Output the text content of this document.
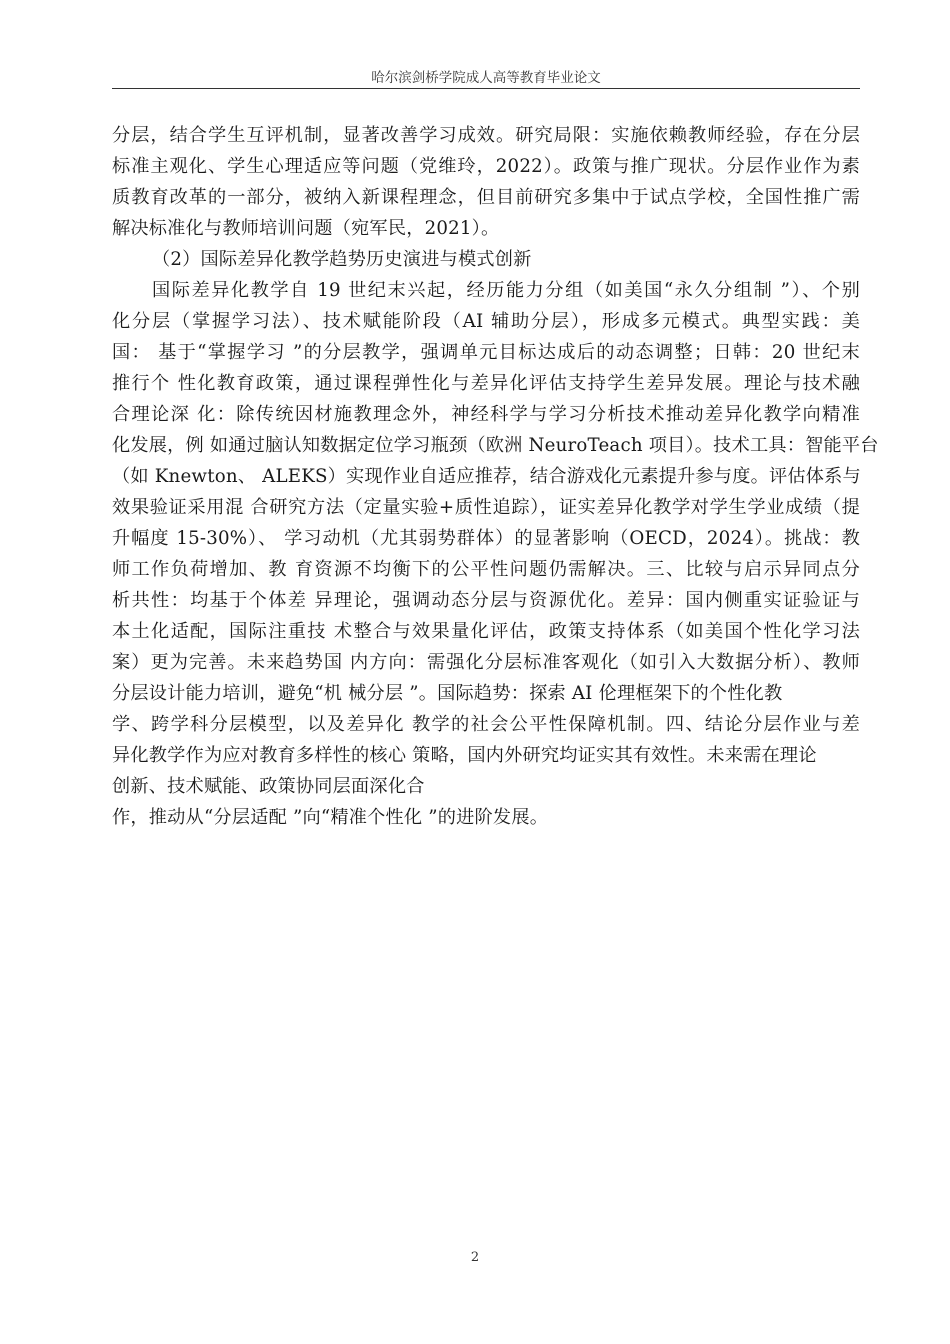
哈尔滨剑桥学院成人高等教育毕业论文
分层，结合学生互评机制，显著改善学习成效。研究局限：实施依赖教师经验，存在分层
标准主观化、学生心理适应等问题（党维玲，2022）。政策与推广现状。分层作业作为素
质教育改革的一部分，被纳入新课程理念，但目前研究多集中于试点学校，全国性推广需
解决标准化与教师培训问题（宛军民，2021）。
（2）国际差异化教学趋势历史演进与模式创新
国际差异化教学自 19 世纪末兴起，经历能力分组（如美国“永久分组制 ”）、个别
化分层（掌握学习法）、技术赋能阶段（AI 辅助分层），形成多元模式。典型实践：美
国： 基于“掌握学习 ”的分层教学，强调单元目标达成后的动态调整；日韩：20 世纪末
推行个 性化教育政策，通过课程弹性化与差异化评估支持学生差异发展。理论与技术融
合理论深 化：除传统因材施教理念外，神经科学与学习分析技术推动差异化教学向精准
化发展，例 如通过脑认知数据定位学习瓶颈（欧洲 NeuroTeach 项目）。技术工具：智能平台
（如 Knewton、 ALEKS）实现作业自适应推荐，结合游戏化元素提升参与度。评估体系与
效果验证采用混 合研究方法（定量实验+质性追踪），证实差异化教学对学生学业成绩（提
升幅度 15-30%）、 学习动机（尤其弱势群体）的显著影响（OECD，2024）。挑战：教
师工作负荷增加、教 育资源不均衡下的公平性问题仍需解决。三、比较与启示异同点分
析共性：均基于个体差 异理论，强调动态分层与资源优化。差异：国内侧重实证验证与
本土化适配，国际注重技 术整合与效果量化评估，政策支持体系（如美国个性化学习法
案）更为完善。未来趋势国 内方向：需强化分层标准客观化（如引入大数据分析）、教师
分层设计能力培训，避免“机 械分层 ”。国际趋势：探索 AI 伦理框架下的个性化教
学、跨学科分层模型，以及差异化 教学的社会公平性保障机制。四、结论分层作业与差
异化教学作为应对教育多样性的核心 策略，国内外研究均证实其有效性。未来需在理论
创新、技术赋能、政策协同层面深化合
作，推动从“分层适配 ”向“精准个性化 ”的进阶发展。
2
